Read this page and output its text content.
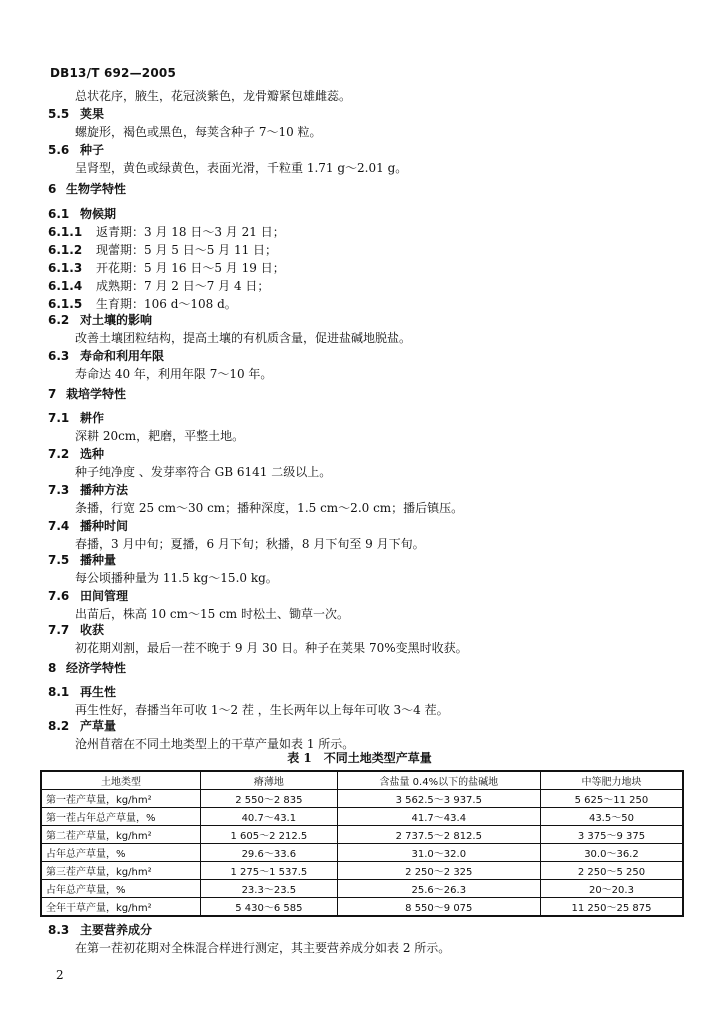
DB13/T 692—2005
总状花序，腋生，花冠淡紫色，龙骨瓣紧包雄雌蕊。
5.5 荚果
螺旋形，褐色或黑色，每荚含种子 7～10 粒。
5.6 种子
呈肾型，黄色或绿黄色，表面光滑，千粒重 1.71 g～2.01 g。
6 生物学特性
6.1 物候期
6.1.1 返青期：3 月 18 日～3 月 21 日；
6.1.2 现蕾期：5 月 5 日～5 月 11 日；
6.1.3 开花期：5 月 16 日～5 月 19 日；
6.1.4 成熟期：7 月 2 日～7 月 4 日；
6.1.5 生育期：106 d～108 d。
6.2 对土壤的影响
改善土壤团粒结构，提高土壤的有机质含量，促进盐碱地脱盐。
6.3 寿命和利用年限
寿命达 40 年，利用年限 7～10 年。
7 栽培学特性
7.1 耕作
深耕 20cm，耙磨，平整土地。
7.2 选种
种子纯净度 、发芽率符合 GB 6141 二级以上。
7.3 播种方法
条播，行宽 25 cm～30 cm；播种深度，1.5 cm～2.0 cm；播后镇压。
7.4 播种时间
春播，3 月中旬；夏播，6 月下旬；秋播，8 月下旬至 9 月下旬。
7.5 播种量
每公顷播种量为 11.5 kg～15.0 kg。
7.6 田间管理
出苗后，株高 10 cm～15 cm 时松土、锄草一次。
7.7 收获
初花期刈割，最后一茬不晚于 9 月 30 日。种子在荚果 70%变黑时收获。
8 经济学特性
8.1 再生性
再生性好，春播当年可收 1～2 茬 ，生长两年以上每年可收 3～4 茬。
8.2 产草量
沧州苜蓿在不同土地类型上的干草产量如表 1 所示。
表 1　不同土地类型产草量
土地类型	瘠薄地	含盐量 0.4%以下的盐碱地	中等肥力地块
第一茬产草量，kg/hm²	2 550～2 835	3 562.5～3 937.5	5 625～11 250
第一茬占年总产草量，%	40.7～43.1	41.7～43.4	43.5～50
第二茬产草量，kg/hm²	1 605～2 212.5	2 737.5～2 812.5	3 375～9 375
占年总产草量，%	29.6～33.6	31.0～32.0	30.0～36.2
第三茬产草量，kg/hm²	1 275～1 537.5	2 250～2 325	2 250～5 250
占年总产草量，%	23.3～23.5	25.6～26.3	20～20.3
全年干草产量，kg/hm²	5 430～6 585	8 550～9 075	11 250～25 875
8.3 主要营养成分
在第一茬初花期对全株混合样进行测定，其主要营养成分如表 2 所示。
2
